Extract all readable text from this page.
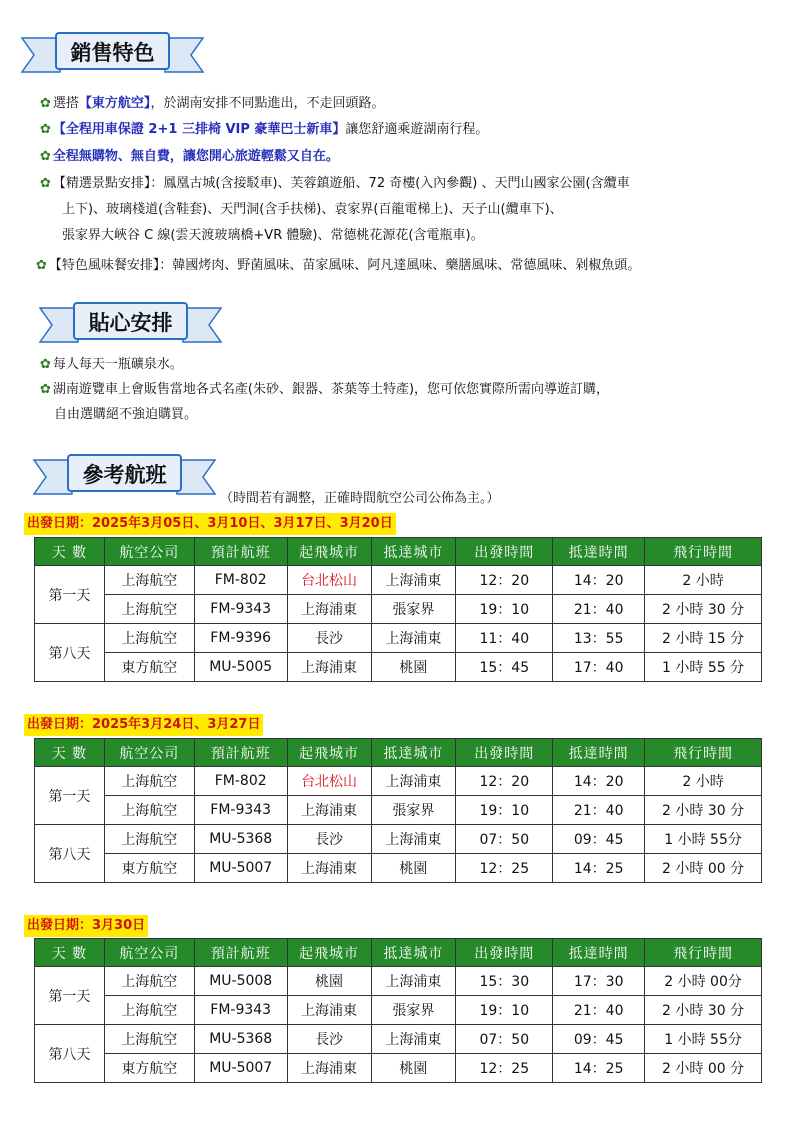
銷售特色
✿ 選搭【東方航空】，於湖南安排不同點進出，不走回頭路。
✿ 【全程用車保證 2+1 三排椅 VIP 豪華巴士新車】讓您舒適乘遊湖南行程。
✿ 全程無購物、無自費，讓您開心旅遊輕鬆又自在。
✿ 【精選景點安排】：鳳凰古城(含接駁車)、芙蓉鎮遊船、72 奇樓(入內參觀) 、天門山國家公園(含纜車
上下)、玻璃棧道(含鞋套)、天門洞(含手扶梯)、袁家界(百龍電梯上)、天子山(纜車下)、
張家界大峽谷 C 線(雲天渡玻璃橋+VR 體驗)、常德桃花源花(含電瓶車)。
✿ 【特色風味餐安排】：韓國烤肉、野菌風味、苗家風味、阿凡達風味、藥膳風味、常德風味、剁椒魚頭。
貼心安排
✿ 每人每天一瓶礦泉水。
✿ 湖南遊覽車上會販售當地各式名產(朱砂、銀器、茶葉等土特產)，您可依您實際所需向導遊訂購，
自由選購絕不強迫購買。
參考航班
（時間若有調整，正確時間航空公司公佈為主。）
出發日期：2025年3月05日、3月10日、3月17日、3月20日
天 數	航空公司	預計航班	起飛城市	抵達城市	出發時間	抵達時間	飛行時間
第一天	上海航空	FM-802	台北松山	上海浦東	12：20	14：20	2 小時
	上海航空	FM-9343	上海浦東	張家界	19：10	21：40	2 小時 30 分
第八天	上海航空	FM-9396	長沙	上海浦東	11：40	13：55	2 小時 15 分
	東方航空	MU-5005	上海浦東	桃園	15：45	17：40	1 小時 55 分
出發日期：2025年3月24日、3月27日
天 數	航空公司	預計航班	起飛城市	抵達城市	出發時間	抵達時間	飛行時間
第一天	上海航空	FM-802	台北松山	上海浦東	12：20	14：20	2 小時
	上海航空	FM-9343	上海浦東	張家界	19：10	21：40	2 小時 30 分
第八天	上海航空	MU-5368	長沙	上海浦東	07：50	09：45	1 小時 55分
	東方航空	MU-5007	上海浦東	桃園	12：25	14：25	2 小時 00 分
出發日期：3月30日
天 數	航空公司	預計航班	起飛城市	抵達城市	出發時間	抵達時間	飛行時間
第一天	上海航空	MU-5008	桃園	上海浦東	15：30	17：30	2 小時 00分
	上海航空	FM-9343	上海浦東	張家界	19：10	21：40	2 小時 30 分
第八天	上海航空	MU-5368	長沙	上海浦東	07：50	09：45	1 小時 55分
	東方航空	MU-5007	上海浦東	桃園	12：25	14：25	2 小時 00 分
